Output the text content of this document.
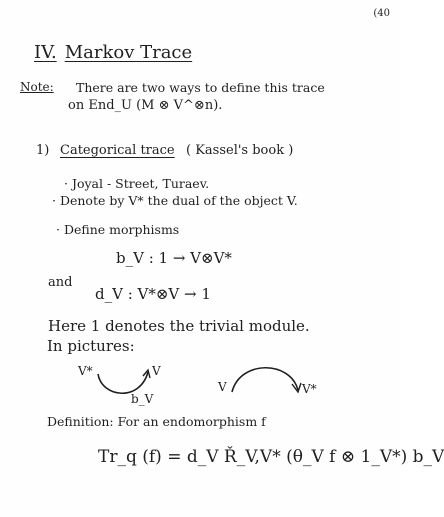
(40
IV. Markov Trace
Note: There are two ways to define this trace
on End_U (M ⊗ V^⊗n).
1) Categorical trace ( Kassel's book )
· Joyal - Street, Turaev.
· Denote by V* the dual of the object V.
· Define morphisms
b_V : 1 → V⊗V*
and
d_V : V*⊗V → 1
Here 1 denotes the trivial module.
In pictures:
V*	V
b_V
V	V*
Definition: For an endomorphism f
Tr_q (f) = d_V Ř_V,V* (θ_V f ⊗ 1_V*) b_V
